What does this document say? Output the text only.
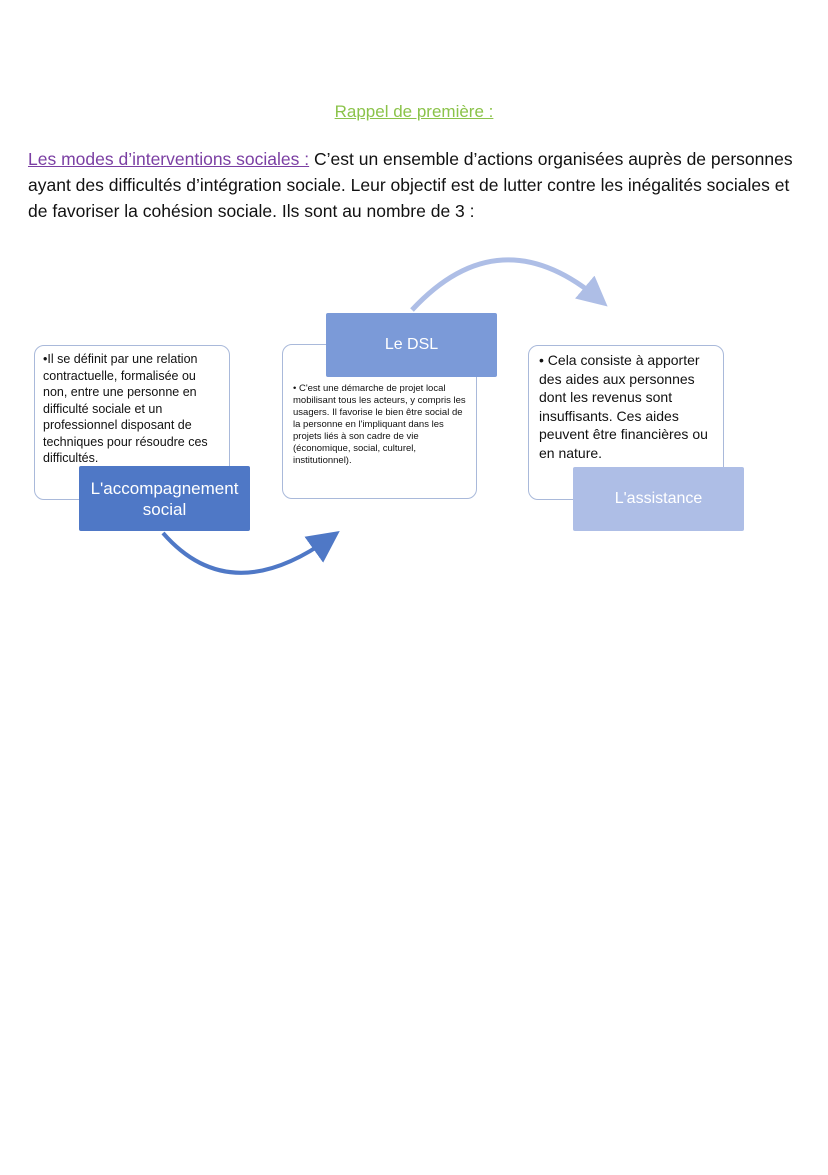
Rappel de première :
Les modes d’interventions sociales : C’est un ensemble d’actions organisées auprès de personnes ayant des difficultés d’intégration sociale. Leur objectif est de lutter contre les inégalités sociales et de favoriser la cohésion sociale. Ils sont au nombre de 3 :

•Il se définit par une relation contractuelle, formalisée ou non, entre une personne en difficulté sociale et un professionnel disposant de techniques pour résoudre ces difficultés.

L'accompagnement social

• C'est une démarche de projet local mobilisant tous les acteurs, y compris les usagers. Il favorise le bien être social de la personne en l'impliquant dans les projets liés à son cadre de vie (économique, social, culturel, institutionnel).

Le DSL

• Cela consiste à apporter des aides aux personnes dont les revenus sont insuffisants. Ces aides peuvent être financières ou en nature.

L'assistance
